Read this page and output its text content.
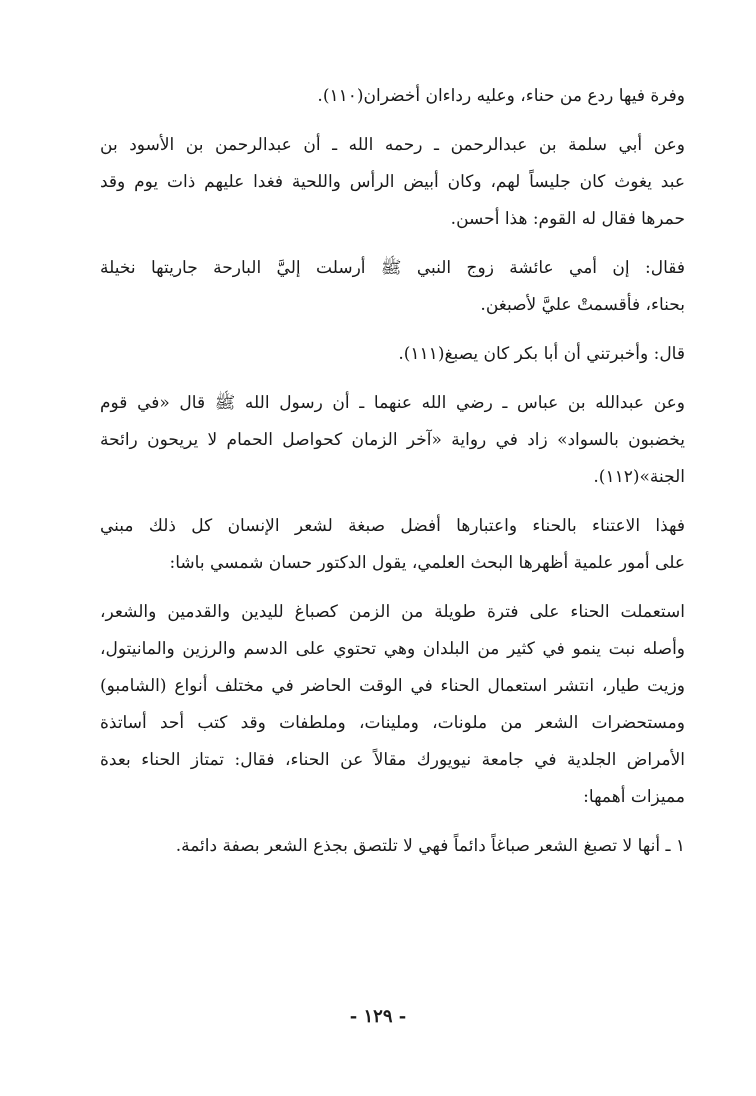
وفرة فيها ردع من حناء، وعليه رداءان أخضران(١١٠).

وعن أبي سلمة بن عبدالرحمن ـ رحمه الله ـ أن عبدالرحمن بن الأسود بن
عبد يغوث كان جليساً لهم، وكان أبيض الرأس واللحية فغدا عليهم ذات يوم وقد
حمرها فقال له القوم: هذا أحسن.

فقال: إن أمي عائشة زوج النبي ﷺ أرسلت إليَّ البارحة جاريتها نخيلة
بحناء، فأقسمتْ عليَّ لأصبغن.

قال: وأخبرتني أن أبا بكر كان يصبغ(١١١).

وعن عبدالله بن عباس ـ رضي الله عنهما ـ أن رسول الله ﷺ قال «في قوم
يخضبون بالسواد» زاد في رواية «آخر الزمان كحواصل الحمام لا يريحون رائحة
الجنة»(١١٢).

فهذا الاعتناء بالحناء واعتبارها أفضل صبغة لشعر الإنسان كل ذلك مبني
على أمور علمية أظهرها البحث العلمي، يقول الدكتور حسان شمسي باشا:

استعملت الحناء على فترة طويلة من الزمن كصباغ لليدين والقدمين والشعر،
وأصله نبت ينمو في كثير من البلدان وهي تحتوي على الدسم والرزين والمانيتول،
وزيت طيار، انتشر استعمال الحناء في الوقت الحاضر في مختلف أنواع (الشامبو)
ومستحضرات الشعر من ملونات، وملينات، وملطفات وقد كتب أحد أساتذة
الأمراض الجلدية في جامعة نيويورك مقالاً عن الحناء، فقال: تمتاز الحناء بعدة
مميزات أهمها:

١ ـ أنها لا تصبغ الشعر صباغاً دائماً فهي لا تلتصق بجذع الشعر بصفة دائمة.

- ١٢٩ -
